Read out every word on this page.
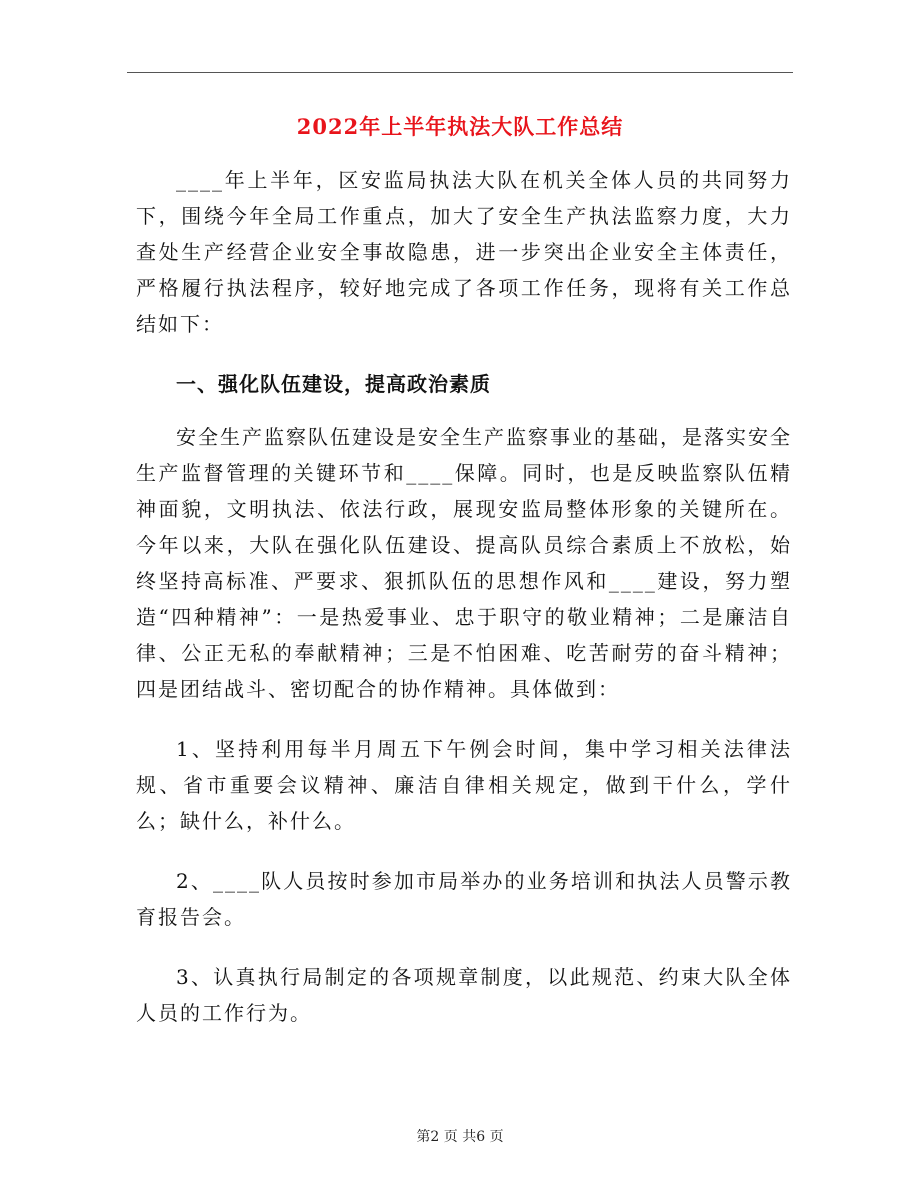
2022年上半年执法大队工作总结

____年上半年，区安监局执法大队在机关全体人员的共同努力下，围绕今年全局工作重点，加大了安全生产执法监察力度，大力查处生产经营企业安全事故隐患，进一步突出企业安全主体责任，严格履行执法程序，较好地完成了各项工作任务，现将有关工作总结如下：

一、强化队伍建设，提高政治素质

安全生产监察队伍建设是安全生产监察事业的基础，是落实安全生产监督管理的关键环节和____保障。同时，也是反映监察队伍精神面貌，文明执法、依法行政，展现安监局整体形象的关键所在。今年以来，大队在强化队伍建设、提高队员综合素质上不放松，始终坚持高标准、严要求、狠抓队伍的思想作风和____建设，努力塑造“四种精神”：一是热爱事业、忠于职守的敬业精神；二是廉洁自律、公正无私的奉献精神；三是不怕困难、吃苦耐劳的奋斗精神；四是团结战斗、密切配合的协作精神。具体做到：

1、坚持利用每半月周五下午例会时间，集中学习相关法律法规、省市重要会议精神、廉洁自律相关规定，做到干什么，学什么；缺什么，补什么。

2、____队人员按时参加市局举办的业务培训和执法人员警示教育报告会。

3、认真执行局制定的各项规章制度，以此规范、约束大队全体人员的工作行为。

第2 页 共6 页
